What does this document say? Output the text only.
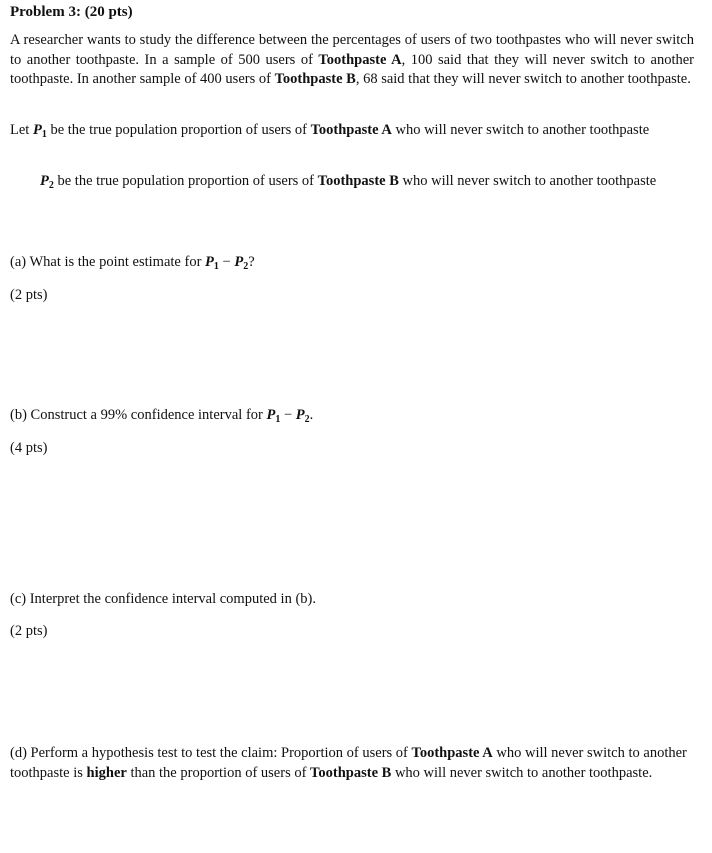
Problem 3: (20 pts)
A researcher wants to study the difference between the percentages of users of two toothpastes who will never switch to another toothpaste. In a sample of 500 users of Toothpaste A, 100 said that they will never switch to another toothpaste. In another sample of 400 users of Toothpaste B, 68 said that they will never switch to another toothpaste.
Let $P_1$ be the true population proportion of users of Toothpaste A who will never switch to another toothpaste
$P_2$ be the true population proportion of users of Toothpaste B who will never switch to another toothpaste
(a) What is the point estimate for $P_1 - P_2$?
(2 pts)
(b) Construct a 99% confidence interval for $P_1 - P_2$.
(4 pts)
(c) Interpret the confidence interval computed in (b).
(2 pts)
(d) Perform a hypothesis test to test the claim: Proportion of users of Toothpaste A who will never switch to another toothpaste is higher than the proportion of users of Toothpaste B who will never switch to another toothpaste.
